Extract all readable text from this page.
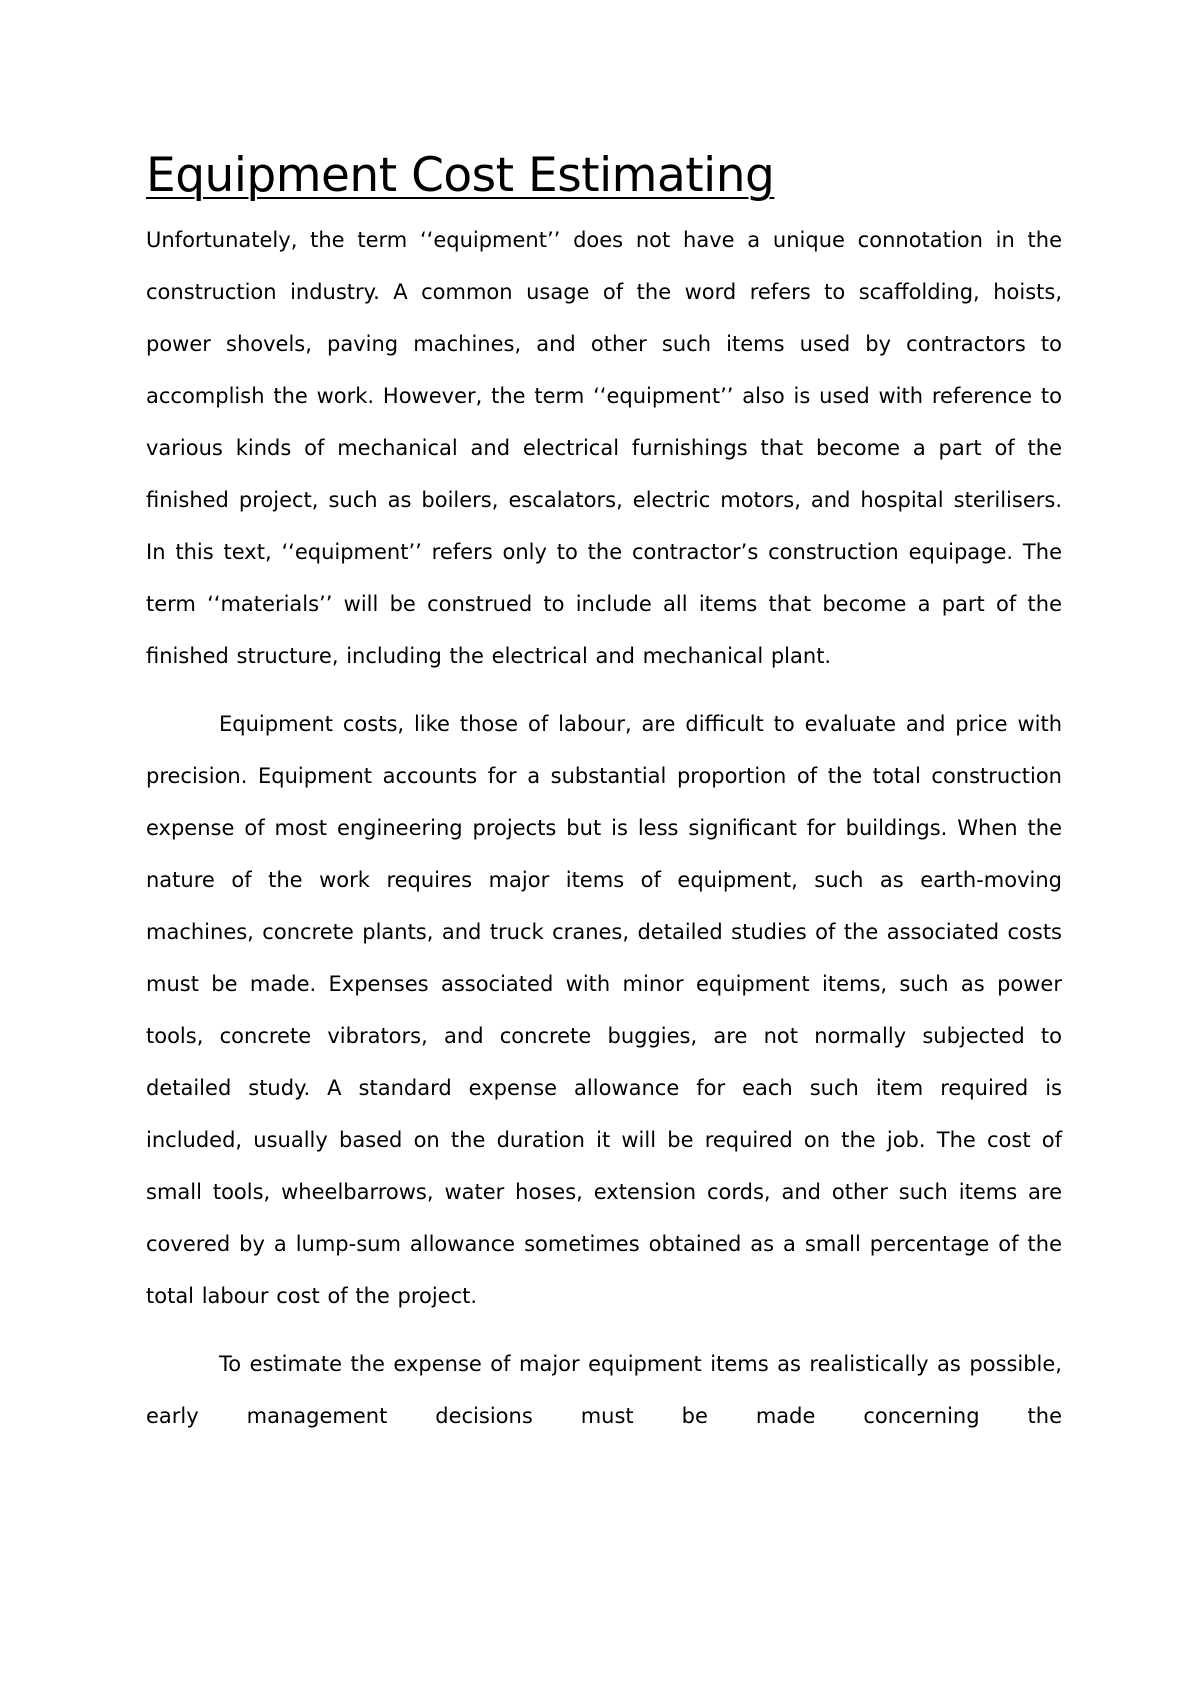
Equipment Cost Estimating

Unfortunately, the term ‘‘equipment’’ does not have a unique connotation in the construction industry. A common usage of the word refers to scaffolding, hoists, power shovels, paving machines, and other such items used by contractors to accomplish the work. However, the term ‘‘equipment’’ also is used with reference to various kinds of mechanical and electrical furnishings that become a part of the finished project, such as boilers, escalators, electric motors, and hospital sterilisers. In this text, ‘‘equipment’’ refers only to the contractor’s construction equipage. The term ‘‘materials’’ will be construed to include all items that become a part of the finished structure, including the electrical and mechanical plant.

Equipment costs, like those of labour, are difficult to evaluate and price with precision. Equipment accounts for a substantial proportion of the total construction expense of most engineering projects but is less significant for buildings. When the nature of the work requires major items of equipment, such as earth-moving machines, concrete plants, and truck cranes, detailed studies of the associated costs must be made. Expenses associated with minor equipment items, such as power tools, concrete vibrators, and concrete buggies, are not normally subjected to detailed study. A standard expense allowance for each such item required is included, usually based on the duration it will be required on the job. The cost of small tools, wheelbarrows, water hoses, extension cords, and other such items are covered by a lump-sum allowance sometimes obtained as a small percentage of the total labour cost of the project.

To estimate the expense of major equipment items as realistically as possible, early management decisions must be made concerning the
